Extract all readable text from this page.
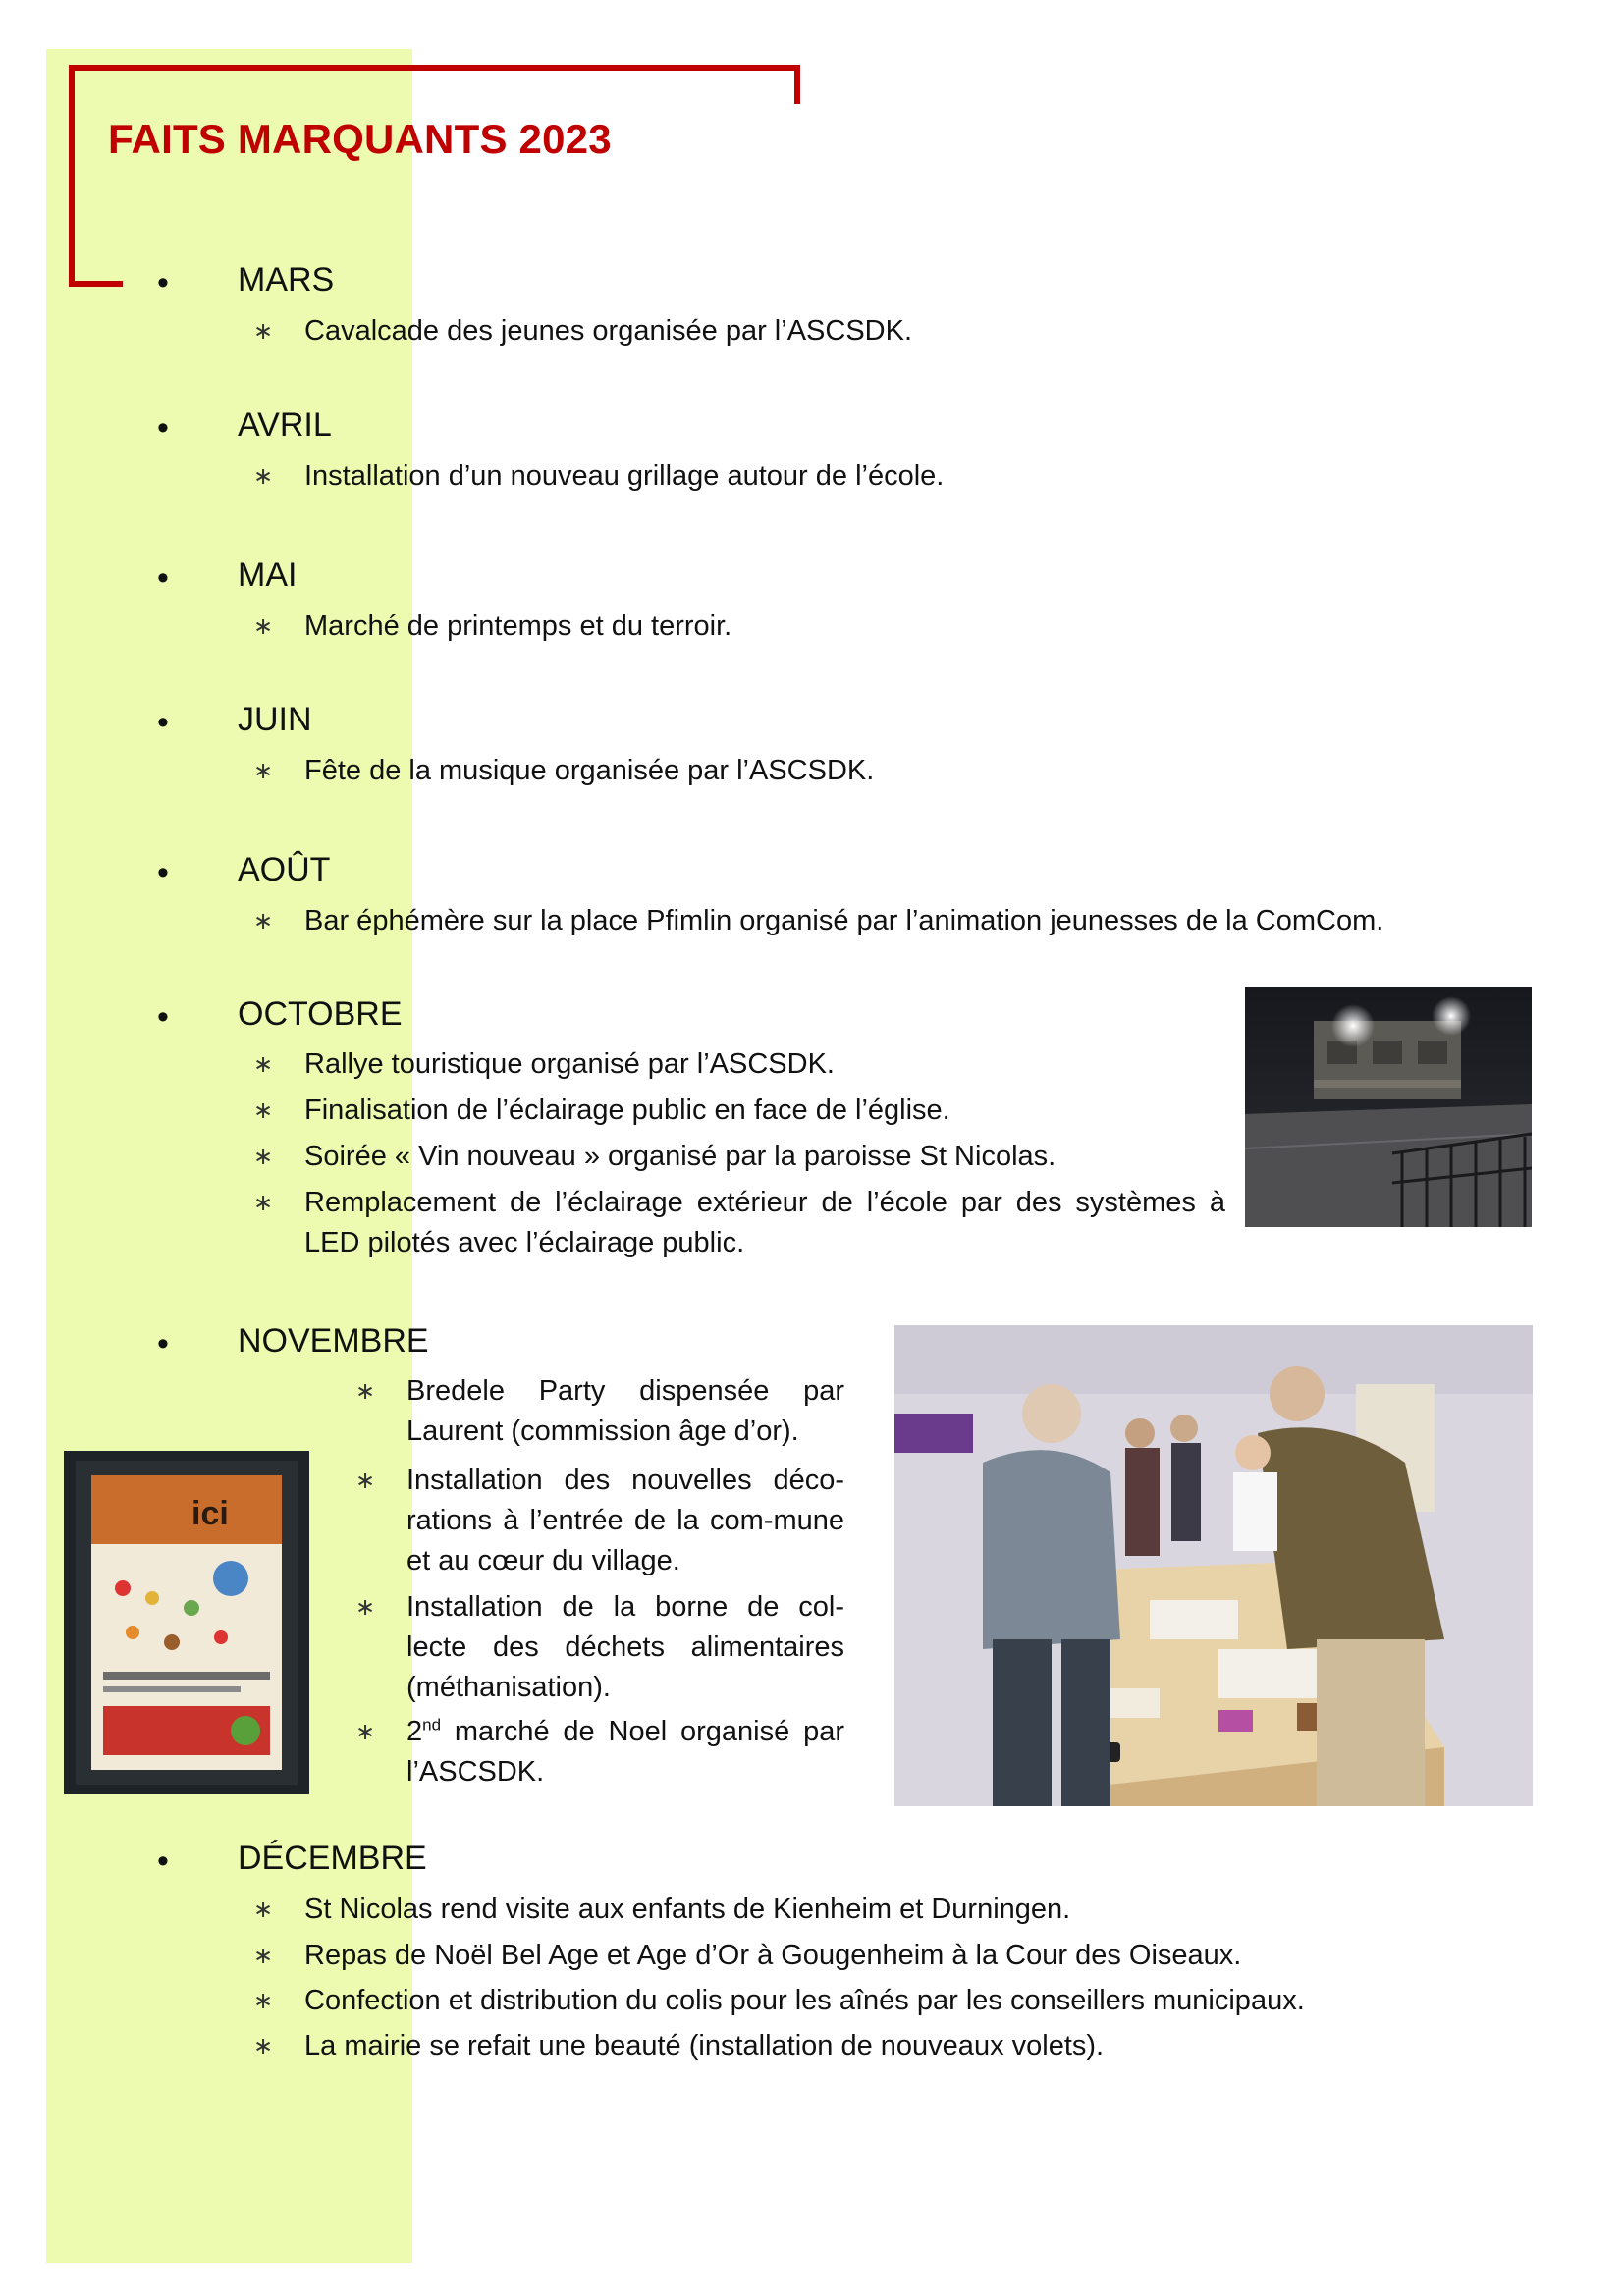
FAITS MARQUANTS 2023
• MARS
∗ Cavalcade des jeunes organisée par l’ASCSDK.
• AVRIL
∗ Installation d’un nouveau grillage autour de l’école.
• MAI
∗ Marché de printemps et du terroir.
• JUIN
∗ Fête de la musique organisée par l’ASCSDK.
• AOÛT
∗ Bar éphémère sur la place Pfimlin organisé par l’animation jeunesses de la ComCom.
• OCTOBRE
∗ Rallye touristique organisé par l’ASCSDK.
∗ Finalisation de l’éclairage public en face de l’église.
∗ Soirée « Vin nouveau » organisé par la paroisse St Nicolas.
∗ Remplacement de l’éclairage extérieur de l’école par des systèmes à LED pilotés avec l’éclairage public.
• NOVEMBRE
∗ Bredele Party dispensée par Laurent (commission âge d’or).
∗ Installation des nouvelles déco-rations à l’entrée de la com-mune et au cœur du village.
∗ Installation de la borne de col-lecte des déchets alimentaires (méthanisation).
∗ 2nd marché de Noel organisé par l’ASCSDK.
ici
• DÉCEMBRE
∗ St Nicolas rend visite aux enfants de Kienheim et Durningen.
∗ Repas de Noël Bel Age et Age d’Or à Gougenheim à la Cour des Oiseaux.
∗ Confection et distribution du colis pour les aînés par les conseillers municipaux.
∗ La mairie se refait une beauté (installation de nouveaux volets).
